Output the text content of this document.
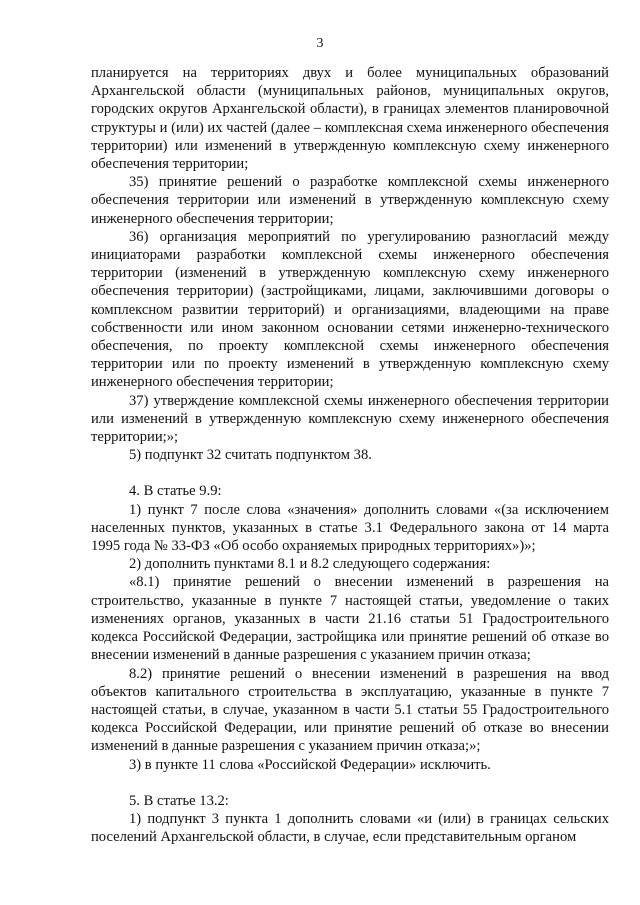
3

планируется на территориях двух и более муниципальных образований Архангельской области (муниципальных районов, муниципальных округов, городских округов Архангельской области), в границах элементов планировочной структуры и (или) их частей (далее – комплексная схема инженерного обеспечения территории) или изменений в утвержденную комплексную схему инженерного обеспечения территории;

35) принятие решений о разработке комплексной схемы инженерного обеспечения территории или изменений в утвержденную комплексную схему инженерного обеспечения территории;

36) организация мероприятий по урегулированию разногласий между инициаторами разработки комплексной схемы инженерного обеспечения территории (изменений в утвержденную комплексную схему инженерного обеспечения территории) (застройщиками, лицами, заключившими договоры о комплексном развитии территорий) и организациями, владеющими на праве собственности или ином законном основании сетями инженерно-технического обеспечения, по проекту комплексной схемы инженерного обеспечения территории или по проекту изменений в утвержденную комплексную схему инженерного обеспечения территории;

37) утверждение комплексной схемы инженерного обеспечения территории или изменений в утвержденную комплексную схему инженерного обеспечения территории;»;

5) подпункт 32 считать подпунктом 38.

4. В статье 9.9:

1) пункт 7 после слова «значения» дополнить словами «(за исключением населенных пунктов, указанных в статье 3.1 Федерального закона от 14 марта 1995 года № 33-ФЗ «Об особо охраняемых природных территориях»)»;

2) дополнить пунктами 8.1 и 8.2 следующего содержания:

«8.1) принятие решений о внесении изменений в разрешения на строительство, указанные в пункте 7 настоящей статьи, уведомление о таких изменениях органов, указанных в части 21.16 статьи 51 Градостроительного кодекса Российской Федерации, застройщика или принятие решений об отказе во внесении изменений в данные разрешения с указанием причин отказа;

8.2) принятие решений о внесении изменений в разрешения на ввод объектов капитального строительства в эксплуатацию, указанные в пункте 7 настоящей статьи, в случае, указанном в части 5.1 статьи 55 Градостроительного кодекса Российской Федерации, или принятие решений об отказе во внесении изменений в данные разрешения с указанием причин отказа;»;

3) в пункте 11 слова «Российской Федерации» исключить.

5. В статье 13.2:

1) подпункт 3 пункта 1 дополнить словами «и (или) в границах сельских поселений Архангельской области, в случае, если представительным органом
